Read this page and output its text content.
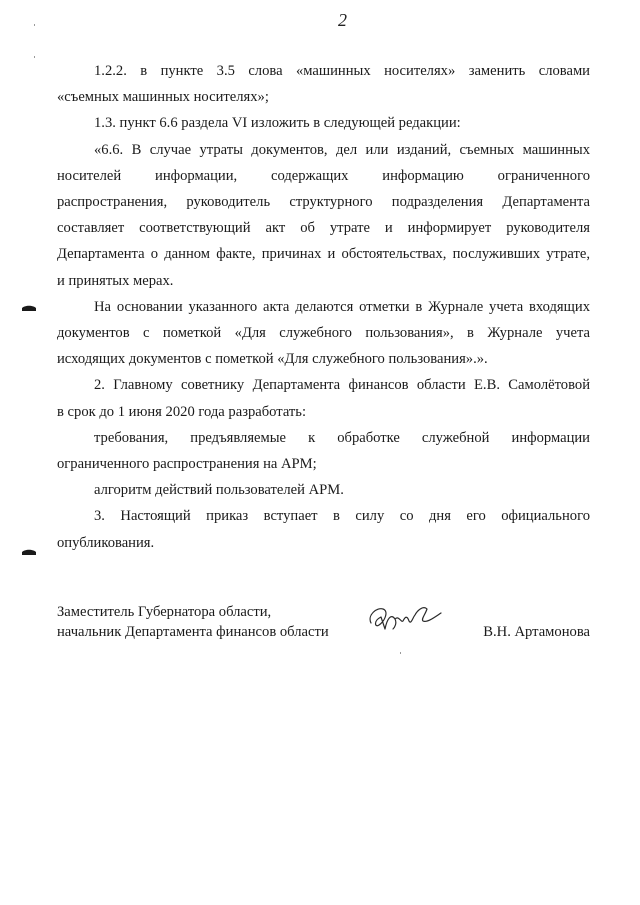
2

1.2.2. в пункте 3.5 слова «машинных носителях» заменить словами

«съемных машинных носителях»;

1.3. пункт 6.6 раздела VI изложить в следующей редакции:

«6.6. В случае утраты документов, дел или изданий, съемных машинных

носителей информации, содержащих информацию ограниченного

распространения, руководитель структурного подразделения Департамента

составляет соответствующий акт об утрате и информирует руководителя

Департамента о данном факте, причинах и обстоятельствах, послуживших утрате,

и принятых мерах.

На основании указанного акта делаются отметки в Журнале учета входящих

документов с пометкой «Для служебного пользования», в Журнале учета

исходящих документов с пометкой «Для служебного пользования».».

2. Главному советнику Департамента финансов области Е.В. Самолётовой

в срок до 1 июня 2020 года разработать:

требования, предъявляемые к обработке служебной информации

ограниченного распространения на АРМ;

алгоритм действий пользователей АРМ.

3. Настоящий приказ вступает в силу со дня его официального

опубликования.

Заместитель Губернатора области,
начальник Департамента финансов области	В.Н. Артамонова
